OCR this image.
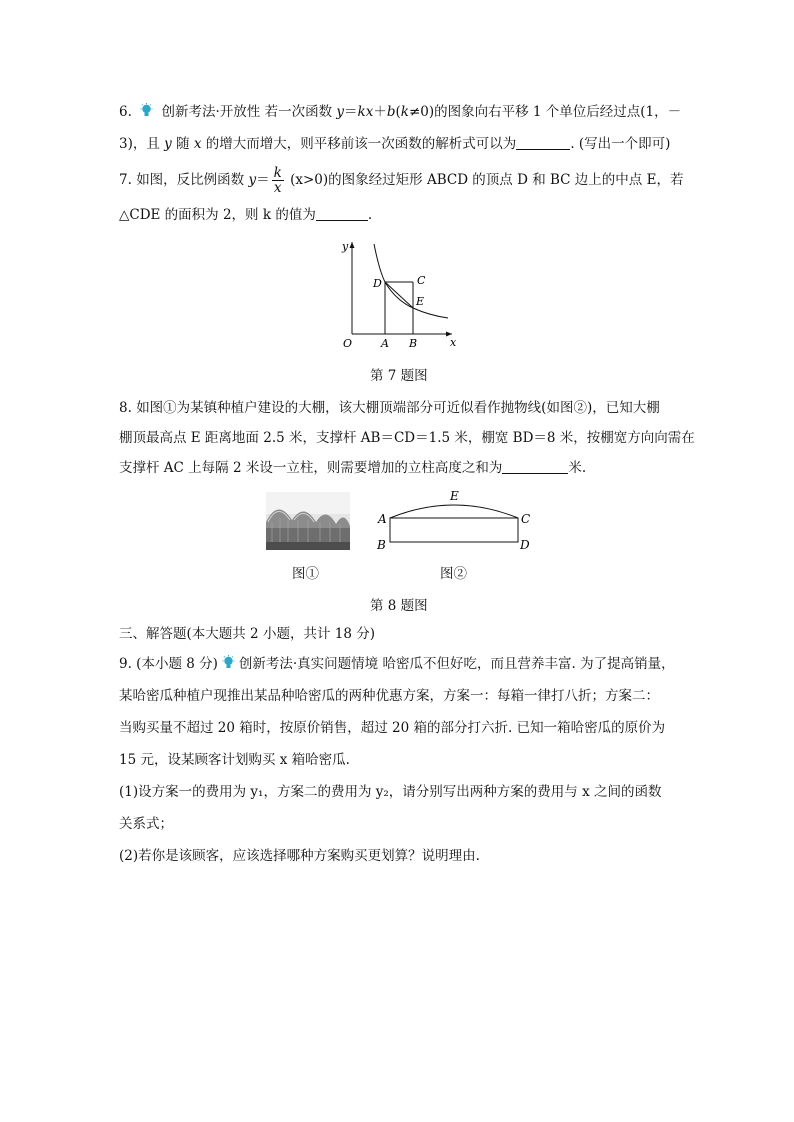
6. 创新考法·开放性 若一次函数 y＝kx＋b(k≠0)的图象向右平移 1 个单位后经过点(1，－
3)，且 y 随 x 的增大而增大，则平移前该一次函数的解析式可以为	. (写出一个即可)
7. 如图，反比例函数 $y= \frac{k}{x} (x>0)$的图象经过矩形 ABCD 的顶点 D 和 BC 边上的中点 E，若
△CDE 的面积为 2，则 k 的值为	.
y
x
O	A B
C
D
E
第 7 题图
8. 如图①为某镇种植户建设的大棚，该大棚顶端部分可近似看作抛物线(如图②)，已知大棚
棚顶最高点 E 距离地面 2.5 米，支撑杆 AB＝CD＝1.5 米，棚宽 BD＝8 米，按棚宽方向向需在
支撑杆 AC 上每隔 2 米设一立柱，则需要增加的立柱高度之和为	米.
E
A	C
B	D
图①	图②
第 8 题图
三、解答题(本大题共 2 小题，共计 18 分)
9. (本小题 8 分) 创新考法·真实问题情境 哈密瓜不但好吃，而且营养丰富. 为了提高销量，
某哈密瓜种植户现推出某品种哈密瓜的两种优惠方案，方案一：每箱一律打八折；方案二：
当购买量不超过 20 箱时，按原价销售，超过 20 箱的部分打六折. 已知一箱哈密瓜的原价为
15 元，设某顾客计划购买 x 箱哈密瓜.
(1)设方案一的费用为 y₁，方案二的费用为 y₂，请分别写出两种方案的费用与 x 之间的函数
关系式；
(2)若你是该顾客，应该选择哪种方案购买更划算？说明理由.
